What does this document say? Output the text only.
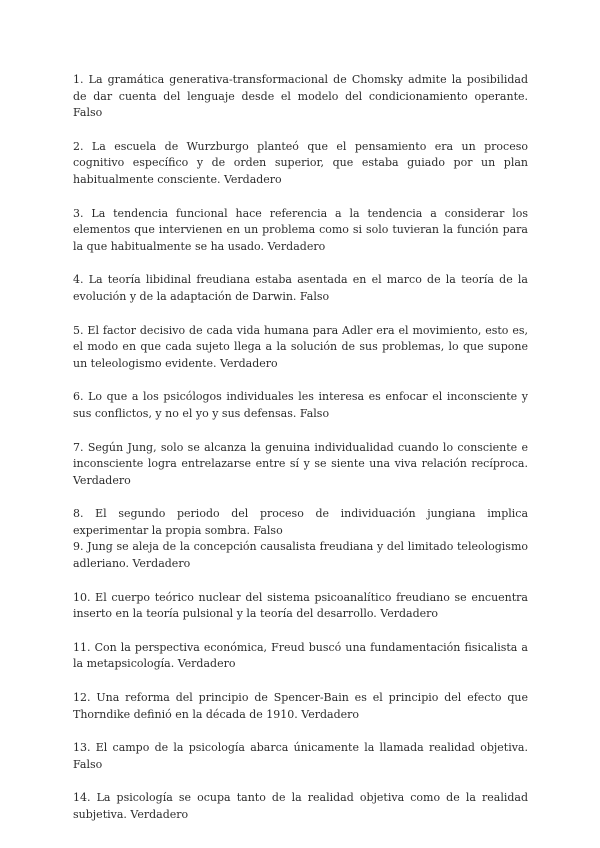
1. La gramática generativa-transformacional de Chomsky admite la posibilidad de dar cuenta del lenguaje desde el modelo del condicionamiento operante. Falso

2. La escuela de Wurzburgo planteó que el pensamiento era un proceso cognitivo específico y de orden superior, que estaba guiado por un plan habitualmente consciente. Verdadero

3. La tendencia funcional hace referencia a la tendencia a considerar los elementos que intervienen en un problema como si solo tuvieran la función para la que habitualmente se ha usado. Verdadero

4. La teoría libidinal freudiana estaba asentada en el marco de la teoría de la evolución y de la adaptación de Darwin. Falso

5. El factor decisivo de cada vida humana para Adler era el movimiento, esto es, el modo en que cada sujeto llega a la solución de sus problemas, lo que supone un teleologismo evidente. Verdadero

6. Lo que a los psicólogos individuales les interesa es enfocar el inconsciente y sus conflictos, y no el yo y sus defensas. Falso

7. Según Jung, solo se alcanza la genuina individualidad cuando lo consciente e inconsciente logra entrelazarse entre sí y se siente una viva relación recíproca. Verdadero

8. El segundo periodo del proceso de individuación jungiana implica experimentar la propia sombra. Falso

9. Jung se aleja de la concepción causalista freudiana y del limitado teleologismo adleriano. Verdadero

10. El cuerpo teórico nuclear del sistema psicoanalítico freudiano se encuentra inserto en la teoría pulsional y la teoría del desarrollo. Verdadero

11. Con la perspectiva económica, Freud buscó una fundamentación fisicalista a la metapsicología. Verdadero

12. Una reforma del principio de Spencer-Bain es el principio del efecto que Thorndike definió en la década de 1910. Verdadero

13. El campo de la psicología abarca únicamente la llamada realidad objetiva. Falso

14. La psicología se ocupa tanto de la realidad objetiva como de la realidad subjetiva. Verdadero
